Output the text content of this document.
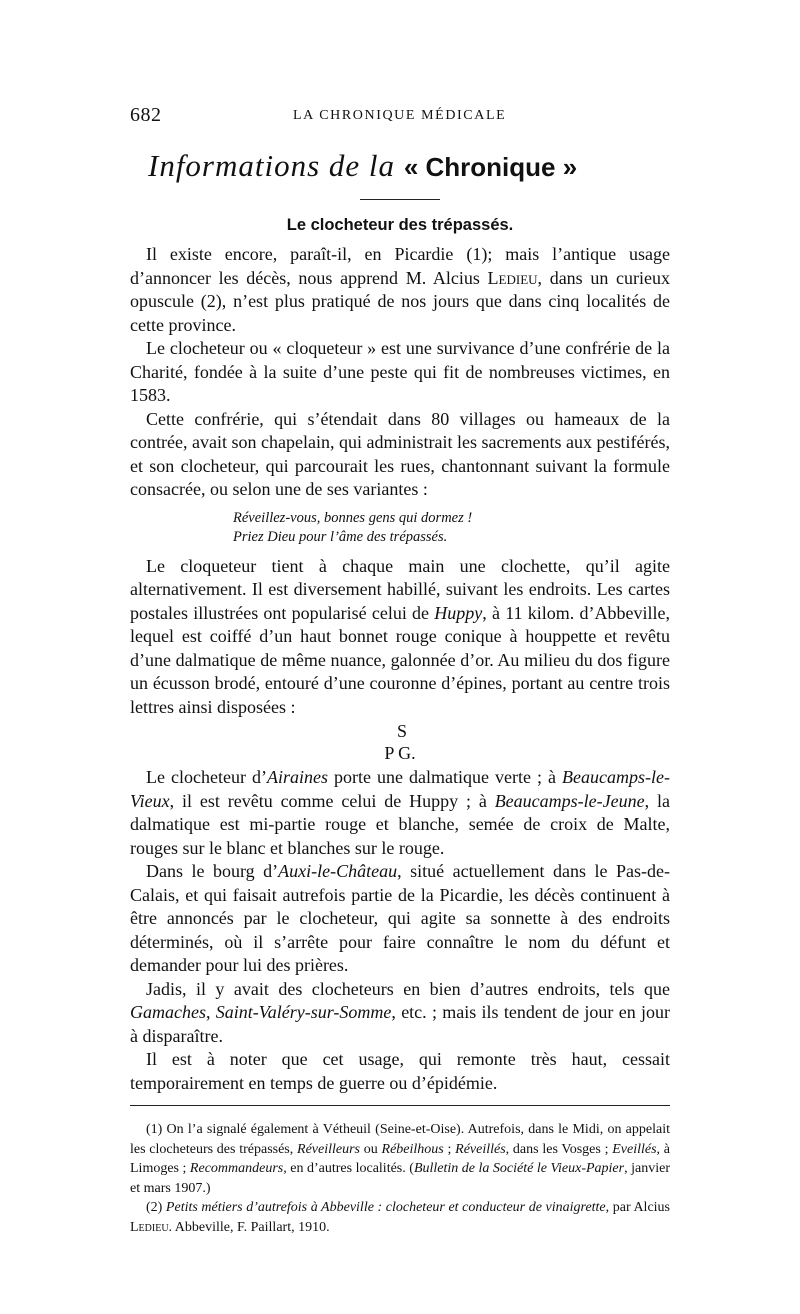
682	LA CHRONIQUE MÉDICALE
Informations de la « Chronique »
Le clocheteur des trépassés.

Il existe encore, paraît-il, en Picardie (1); mais l’antique usage d’annoncer les décès, nous apprend M. Alcius Ledieu, dans un curieux opuscule (2), n’est plus pratiqué de nos jours que dans cinq localités de cette province.

Le clocheteur ou « cloqueteur » est une survivance d’une confrérie de la Charité, fondée à la suite d’une peste qui fit de nombreuses victimes, en 1583.

Cette confrérie, qui s’étendait dans 80 villages ou hameaux de la contrée, avait son chapelain, qui administrait les sacrements aux pestiférés, et son clocheteur, qui parcourait les rues, chantonnant suivant la formule consacrée, ou selon une de ses variantes :

Réveillez-vous, bonnes gens qui dormez !
Priez Dieu pour l’âme des trépassés.

Le cloqueteur tient à chaque main une clochette, qu’il agite alternativement. Il est diversement habillé, suivant les endroits. Les cartes postales illustrées ont popularisé celui de Huppy, à 11 kilom. d’Abbeville, lequel est coiffé d’un haut bonnet rouge conique à houppette et revêtu d’une dalmatique de même nuance, galonnée d’or. Au milieu du dos figure un écusson brodé, entouré d’une couronne d’épines, portant au centre trois lettres ainsi disposées :

S
P G.

Le clocheteur d’Airaines porte une dalmatique verte ; à Beaucamps-le-Vieux, il est revêtu comme celui de Huppy ; à Beaucamps-le-Jeune, la dalmatique est mi-partie rouge et blanche, semée de croix de Malte, rouges sur le blanc et blanches sur le rouge.

Dans le bourg d’Auxi-le-Château, situé actuellement dans le Pas-de-Calais, et qui faisait autrefois partie de la Picardie, les décès continuent à être annoncés par le clocheteur, qui agite sa sonnette à des endroits déterminés, où il s’arrête pour faire connaître le nom du défunt et demander pour lui des prières.

Jadis, il y avait des clocheteurs en bien d’autres endroits, tels que Gamaches, Saint-Valéry-sur-Somme, etc. ; mais ils tendent de jour en jour à disparaître.

Il est à noter que cet usage, qui remonte très haut, cessait temporairement en temps de guerre ou d’épidémie.

(1) On l’a signalé également à Vétheuil (Seine-et-Oise). Autrefois, dans le Midi, on appelait les clocheteurs des trépassés, Réveilleurs ou Rébeilhous ; Réveillés, dans les Vosges ; Eveillés, à Limoges ; Recommandeurs, en d’autres localités. (Bulletin de la Société le Vieux-Papier, janvier et mars 1907.)

(2) Petits métiers d’autrefois à Abbeville : clocheteur et conducteur de vinaigrette, par Alcius Ledieu. Abbeville, F. Paillart, 1910.
